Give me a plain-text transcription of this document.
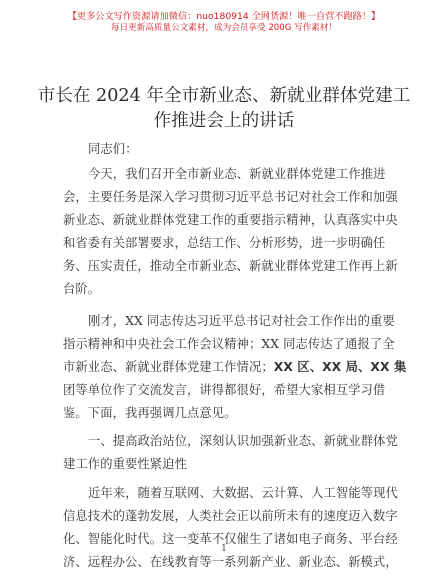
【更多公文写作资源请加微信：nuo180914 全网货源！唯一自营不跑路！】
每日更新高质量公文素材，成为会员享受 200G 写作素材！
市长在 2024 年全市新业态、新就业群体党建工
作推进会上的讲话
同志们：
今天，我们召开全市新业态、新就业群体党建工作推进
会，主要任务是深入学习贯彻习近平总书记对社会工作和加强
新业态、新就业群体党建工作的重要指示精神，认真落实中央
和省委有关部署要求，总结工作、分析形势，进一步明确任
务、压实责任，推动全市新业态、新就业群体党建工作再上新
台阶。
刚才，XX 同志传达习近平总书记对社会工作作出的重要
指示精神和中央社会工作会议精神；XX 同志传达了通报了全
市新业态、新就业群体党建工作情况；XX 区、XX 局、XX 集
团等单位作了交流发言，讲得都很好，希望大家相互学习借
鉴。下面，我再强调几点意见。
一、提高政治站位，深刻认识加强新业态、新就业群体党
建工作的重要性紧迫性
近年来，随着互联网、大数据、云计算、人工智能等现代
信息技术的蓬勃发展，人类社会正以前所未有的速度迈入数字
化、智能化时代。这一变革不仅催生了诸如电子商务、平台经
济、远程办公、在线教育等一系列新产业、新业态、新模式，
1
